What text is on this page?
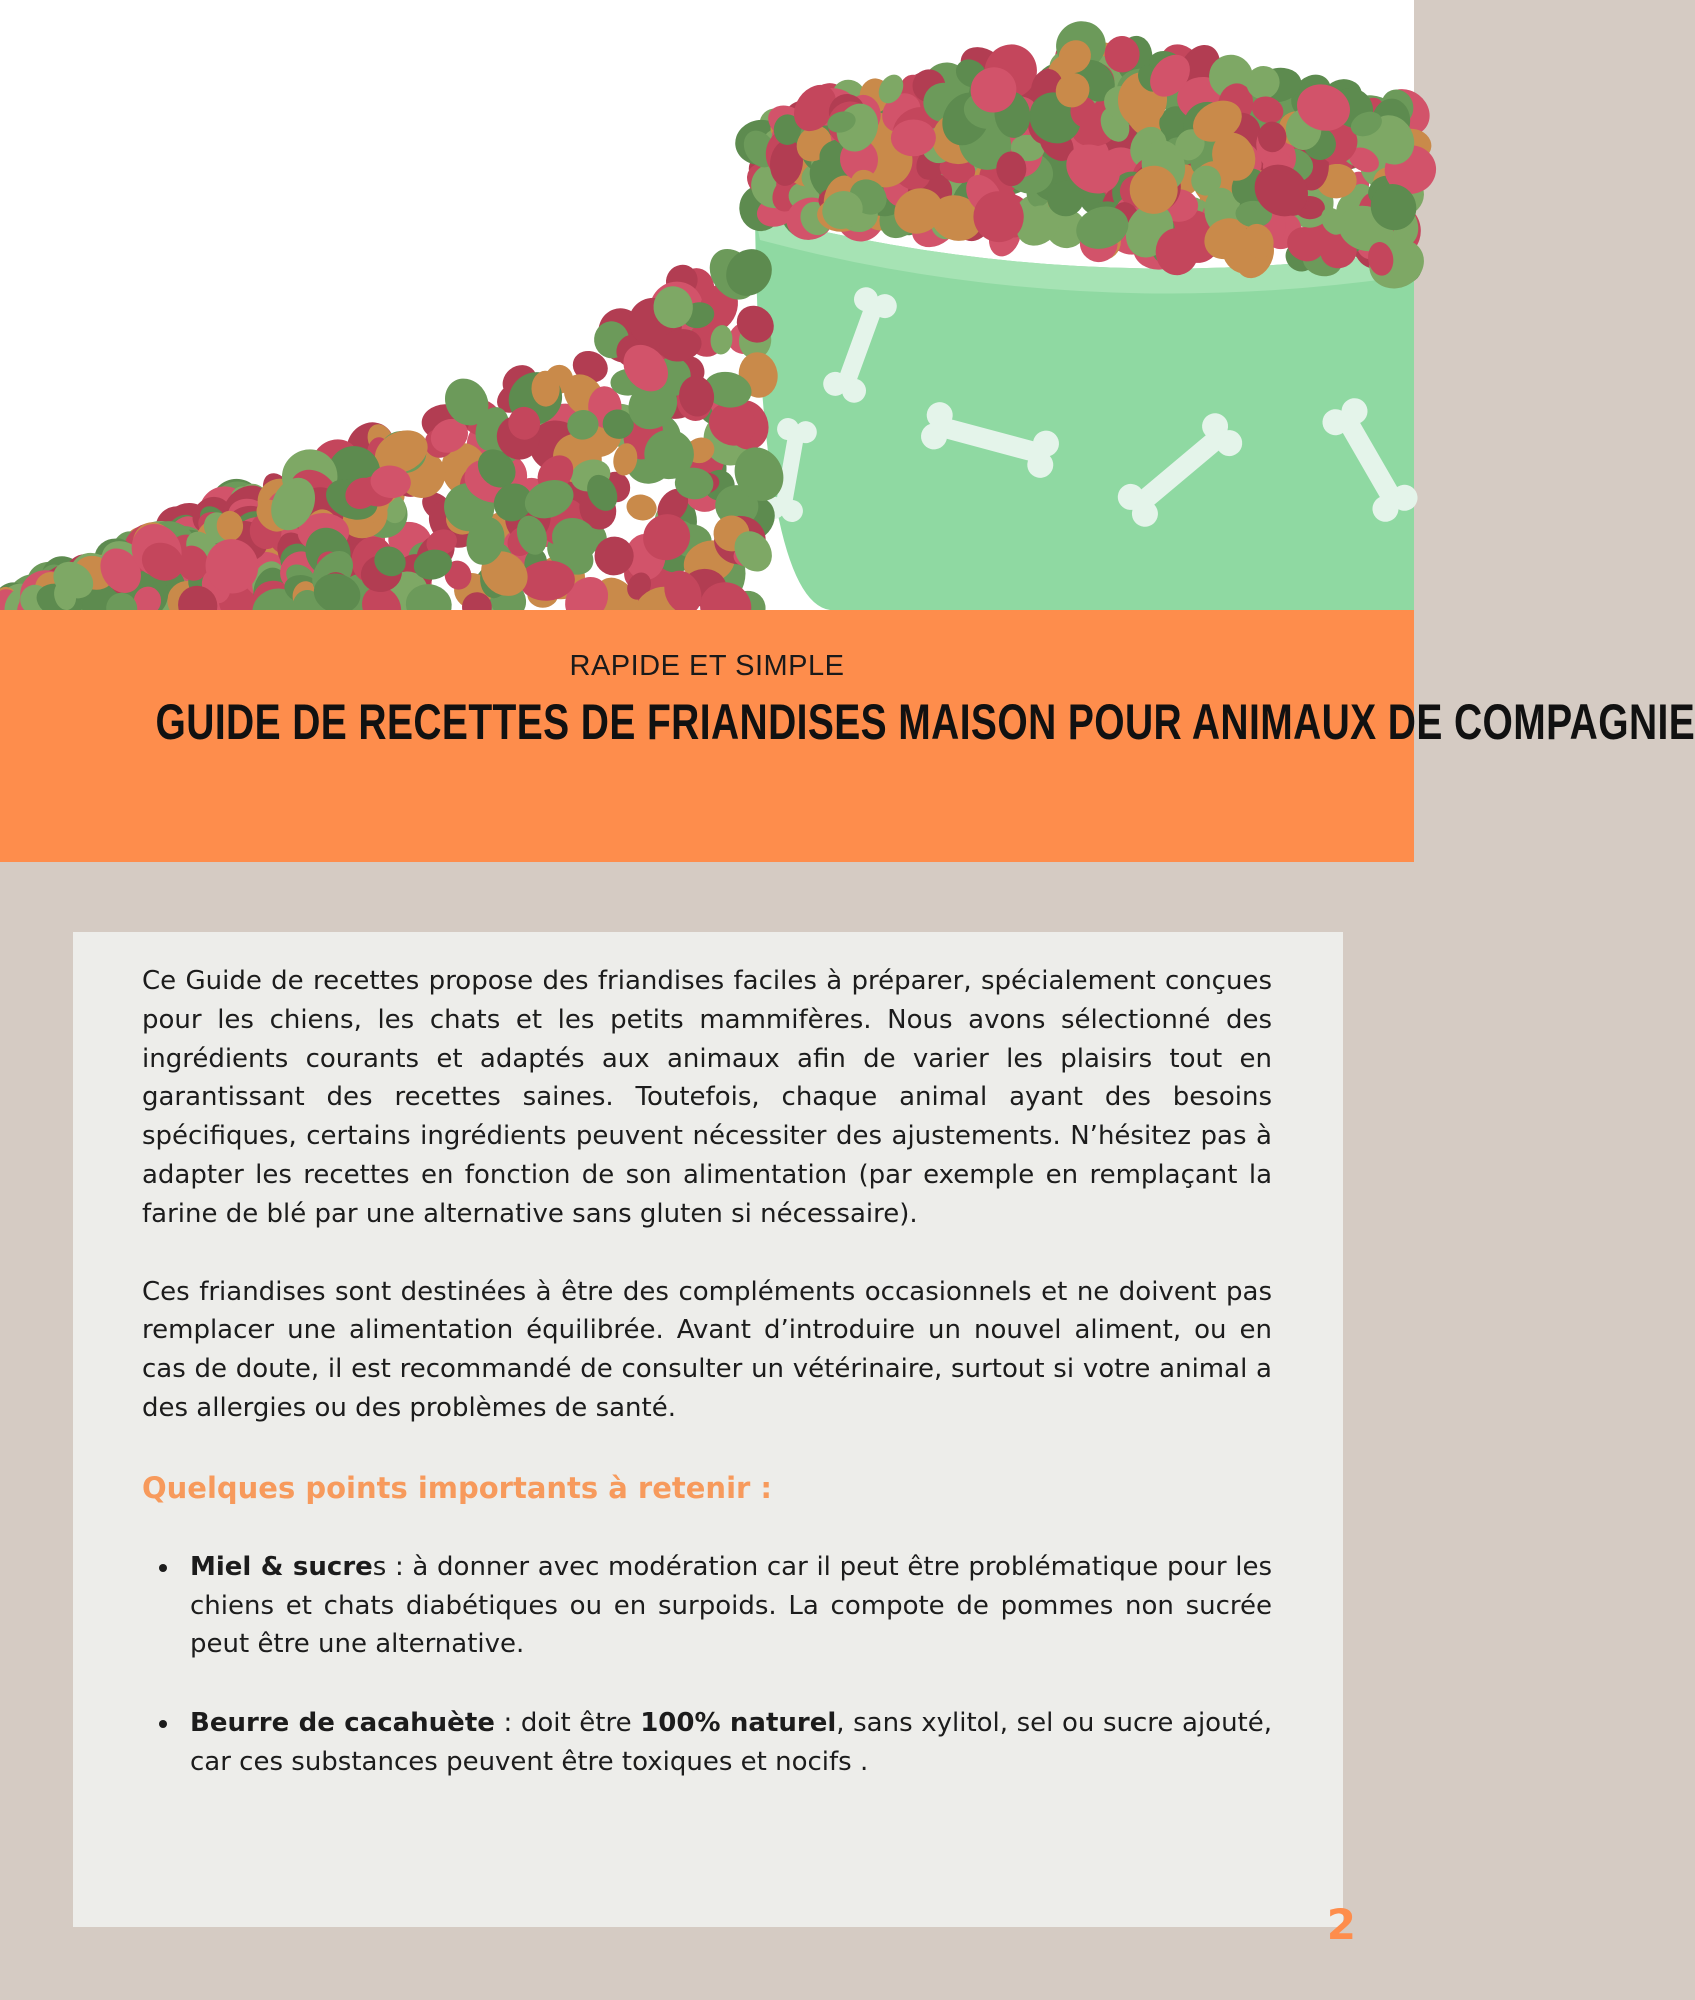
RAPIDE ET SIMPLE
GUIDE DE RECETTES DE FRIANDISES MAISON POUR ANIMAUX DE COMPAGNIE

Ce Guide de recettes propose des friandises faciles à préparer, spécialement conçues pour les chiens, les chats et les petits mammifères. Nous avons sélectionné des ingrédients courants et adaptés aux animaux afin de varier les plaisirs tout en garantissant des recettes saines. Toutefois, chaque animal ayant des besoins spécifiques, certains ingrédients peuvent nécessiter des ajustements. N’hésitez pas à adapter les recettes en fonction de son alimentation (par exemple en remplaçant la farine de blé par une alternative sans gluten si nécessaire).

Ces friandises sont destinées à être des compléments occasionnels et ne doivent pas remplacer une alimentation équilibrée. Avant d’introduire un nouvel aliment, ou en cas de doute, il est recommandé de consulter un vétérinaire, surtout si votre animal a des allergies ou des problèmes de santé.

Quelques points importants à retenir :
Miel & sucres : à donner avec modération car il peut être problématique pour les chiens et chats diabétiques ou en surpoids. La compote de pommes non sucrée peut être une alternative.
Beurre de cacahuète : doit être 100% naturel, sans xylitol, sel ou sucre ajouté, car ces substances peuvent être toxiques et nocifs .
2
